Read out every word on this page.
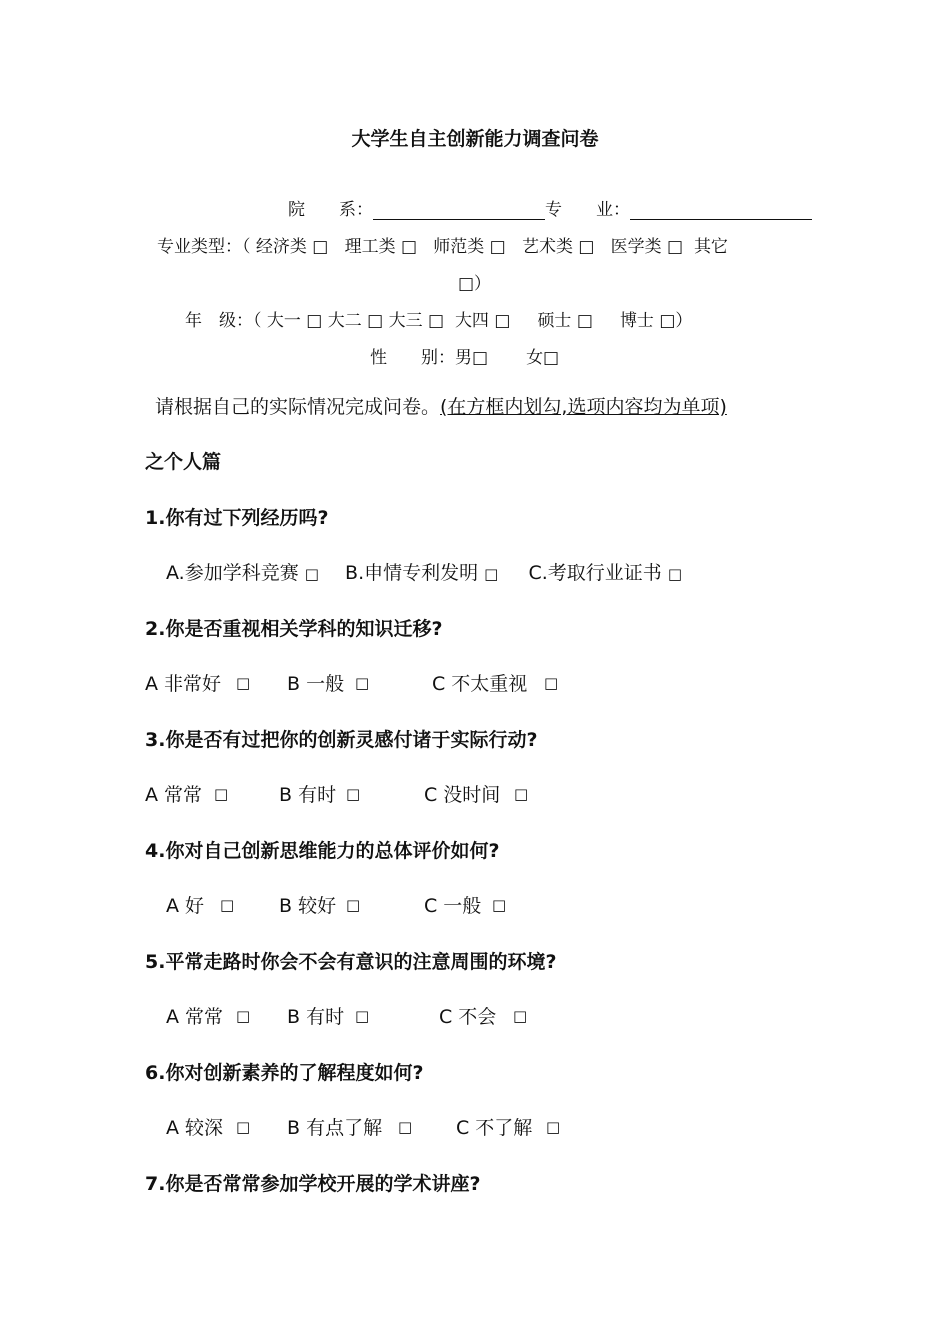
大学生自主创新能力调查问卷
院　　系：	专　　业：
专业类型：（ 经济类 □ 理工类 □ 师范类 □ 艺术类 □ 医学类 □ 其它
□）
年　级：（ 大一 □ 大二 □ 大三 □ 大四 □ 硕士 □ 博士 □）
性　　别：男□ 女□
请根据自己的实际情况完成问卷。(在方框内划勾,选项内容均为单项)
之个人篇
1.你有过下列经历吗?
A.参加学科竞赛 □ B.申情专利发明 □ C.考取行业证书 □
2.你是否重视相关学科的知识迁移?
A 非常好 □ B 一般 □	C 不太重视 □
3.你是否有过把你的创新灵感付诸于实际行动?
A 常常 □	B 有时 □	C 没时间 □
4.你对自己创新思维能力的总体评价如何?
A 好 □ B 较好 □	C 一般 □
5.平常走路时你会不会有意识的注意周围的环境?
A 常常 □ B 有时 □	C 不会 □
6.你对创新素养的了解程度如何?
A 较深 □ B 有点了解 □ C 不了解 □
7.你是否常常参加学校开展的学术讲座?
